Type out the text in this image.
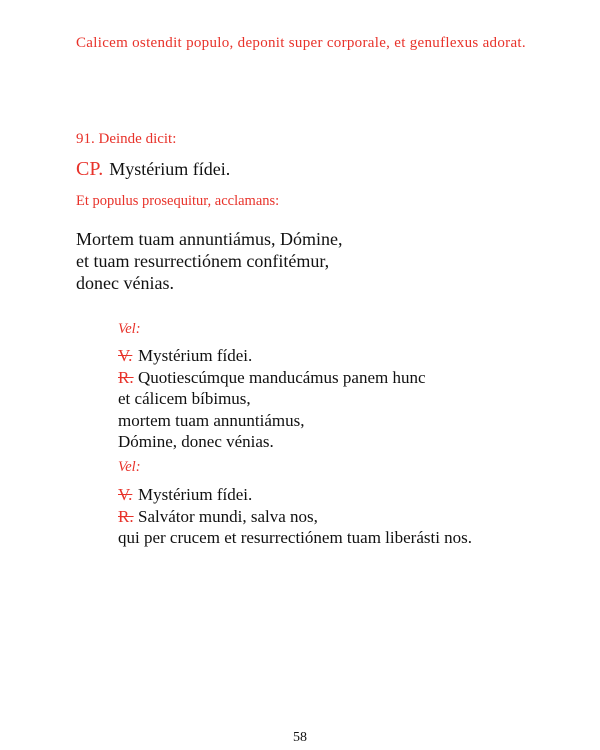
Calicem ostendit populo, deponit super corporale, et genuflexus adorat.

91. Deinde dicit:

CP. Mystérium fídei.

Et populus prosequitur, acclamans:

Mortem tuam annuntiámus, Dómine,
et tuam resurrectiónem confitémur,
donec vénias.

Vel:

V. Mystérium fídei.
R. Quotiescúmque manducámus panem hunc
et cálicem bíbimus,
mortem tuam annuntiámus,
Dómine, donec vénias.

Vel:

V. Mystérium fídei.
R. Salvátor mundi, salva nos,
qui per crucem et resurrectiónem tuam liberásti nos.

58
